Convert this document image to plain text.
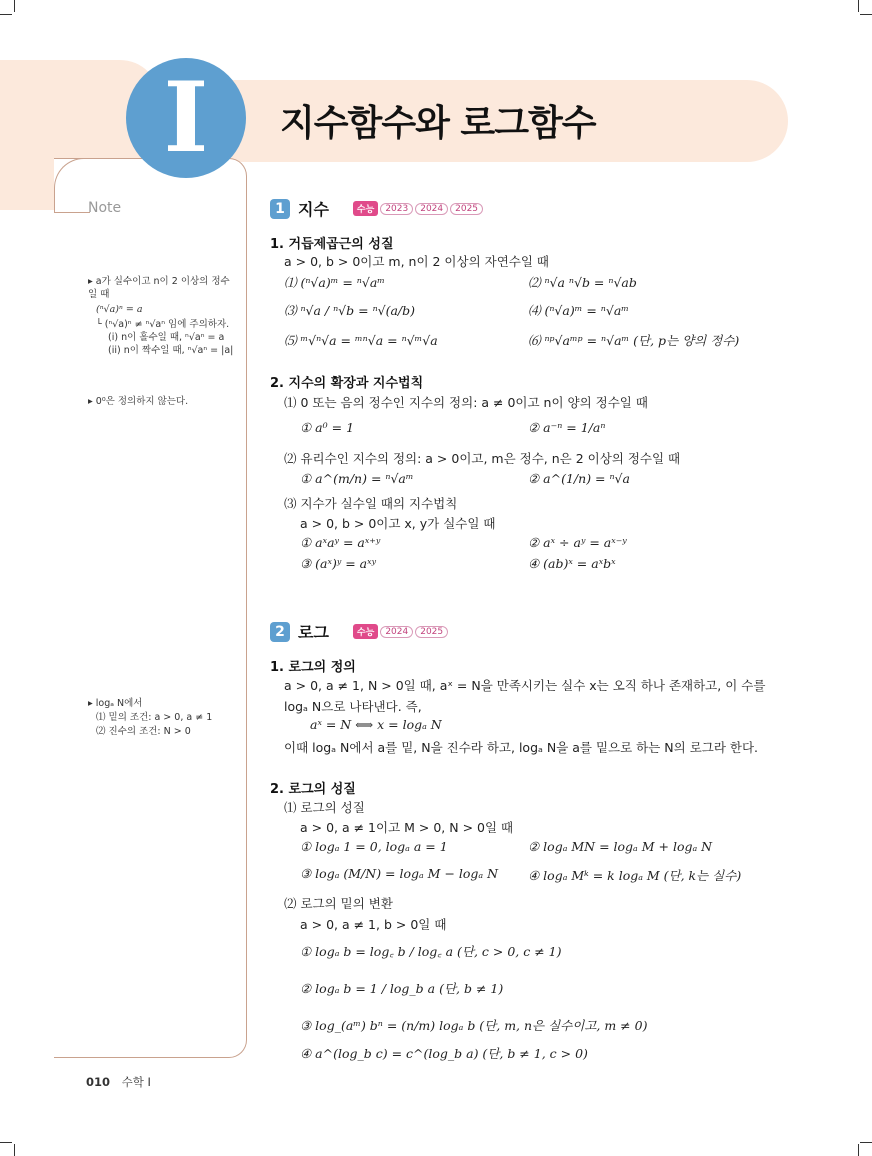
I	지수함수와 로그함수
Note
▸ a가 실수이고 n이 2 이상의 정수일 때
(ⁿ√a)ⁿ = a
└ (ⁿ√a)ⁿ ≠ ⁿ√aⁿ 임에 주의하자.
(i) n이 홀수일 때, ⁿ√aⁿ = a
(ii) n이 짝수일 때, ⁿ√aⁿ = |a|
▸ 0⁰은 정의하지 않는다.
▸ logₐ N에서
⑴ 밑의 조건: a > 0, a ≠ 1
⑵ 진수의 조건: N > 0
1 지수	수능	2023	2024	2025
1. 거듭제곱근의 성질
a > 0, b > 0이고 m, n이 2 이상의 자연수일 때
⑴ (ⁿ√a)ᵐ = ⁿ√aᵐ	⑵ ⁿ√a ⁿ√b = ⁿ√ab
⑶ ⁿ√a / ⁿ√b = ⁿ√(a/b)	⑷ (ⁿ√a)ᵐ = ⁿ√aᵐ
⑸ ᵐ√ⁿ√a = ᵐⁿ√a = ⁿ√ᵐ√a	⑹ ⁿᵖ√aᵐᵖ = ⁿ√aᵐ (단, p는 양의 정수)
2. 지수의 확장과 지수법칙
⑴ 0 또는 음의 정수인 지수의 정의: a ≠ 0이고 n이 양의 정수일 때
① a⁰ = 1	② a⁻ⁿ = 1/aⁿ
⑵ 유리수인 지수의 정의: a > 0이고, m은 정수, n은 2 이상의 정수일 때
① a^(m/n) = ⁿ√aᵐ	② a^(1/n) = ⁿ√a
⑶ 지수가 실수일 때의 지수법칙
a > 0, b > 0이고 x, y가 실수일 때
① aˣaʸ = aˣ⁺ʸ	② aˣ ÷ aʸ = aˣ⁻ʸ
③ (aˣ)ʸ = aˣʸ	④ (ab)ˣ = aˣbˣ
2 로그	수능	2024	2025
1. 로그의 정의
a > 0, a ≠ 1, N > 0일 때, aˣ = N을 만족시키는 실수 x는 오직 하나 존재하고, 이 수를
logₐ N으로 나타낸다. 즉,
aˣ = N ⟺ x = logₐ N
이때 logₐ N에서 a를 밑, N을 진수라 하고, logₐ N을 a를 밑으로 하는 N의 로그라 한다.
2. 로그의 성질
⑴ 로그의 성질
a > 0, a ≠ 1이고 M > 0, N > 0일 때
① logₐ 1 = 0, logₐ a = 1	② logₐ MN = logₐ M + logₐ N
③ logₐ (M/N) = logₐ M − logₐ N ④ logₐ Mᵏ = k logₐ M (단, k는 실수)
⑵ 로그의 밑의 변환
a > 0, a ≠ 1, b > 0일 때
① logₐ b = log꜀ b / log꜀ a (단, c > 0, c ≠ 1)
② logₐ b = 1 / log_b a (단, b ≠ 1)
③ log_(aᵐ) bⁿ = (n/m) logₐ b (단, m, n은 실수이고, m ≠ 0)
④ a^(log_b c) = c^(log_b a) (단, b ≠ 1, c > 0)
010 수학 I
